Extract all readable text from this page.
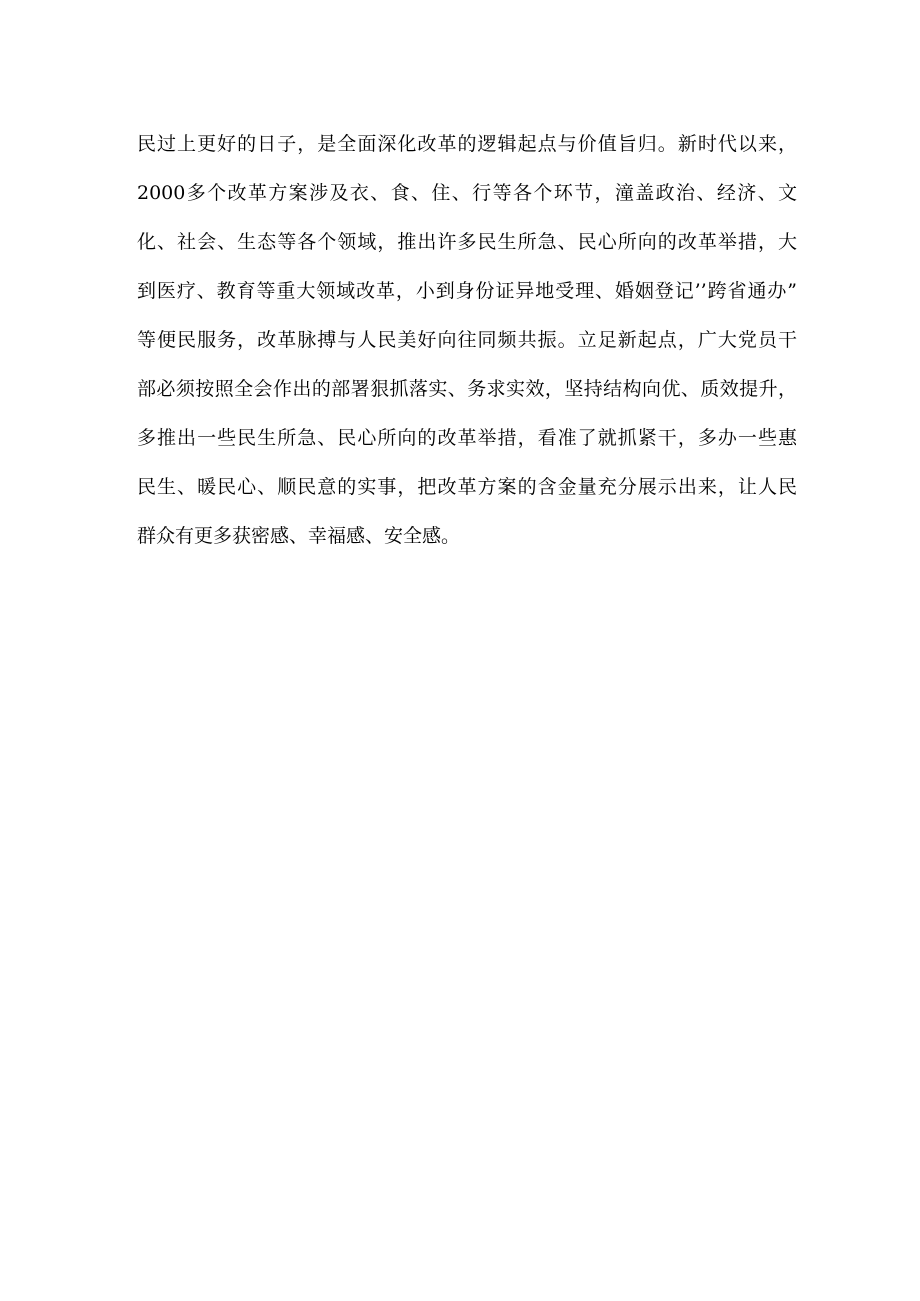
民过上更好的日子，是全面深化改革的逻辑起点与价值旨归。新时代以来，
2000多个改革方案涉及衣、食、住、行等各个环节，潼盖政治、经济、文
化、社会、生态等各个领域，推出许多民生所急、民心所向的改革举措，大
到医疗、教育等重大领域改革，小到身份证异地受理、婚姻登记’’跨省通办”
等便民服务，改革脉搏与人民美好向往同频共振。立足新起点，广大党员干
部必须按照全会作出的部署狠抓落实、务求实效，坚持结构向优、质效提升，
多推出一些民生所急、民心所向的改革举措，看准了就抓紧干，多办一些惠
民生、暖民心、顺民意的实事，把改革方案的含金量充分展示出来，让人民
群众有更多获密感、幸福感、安全感。
